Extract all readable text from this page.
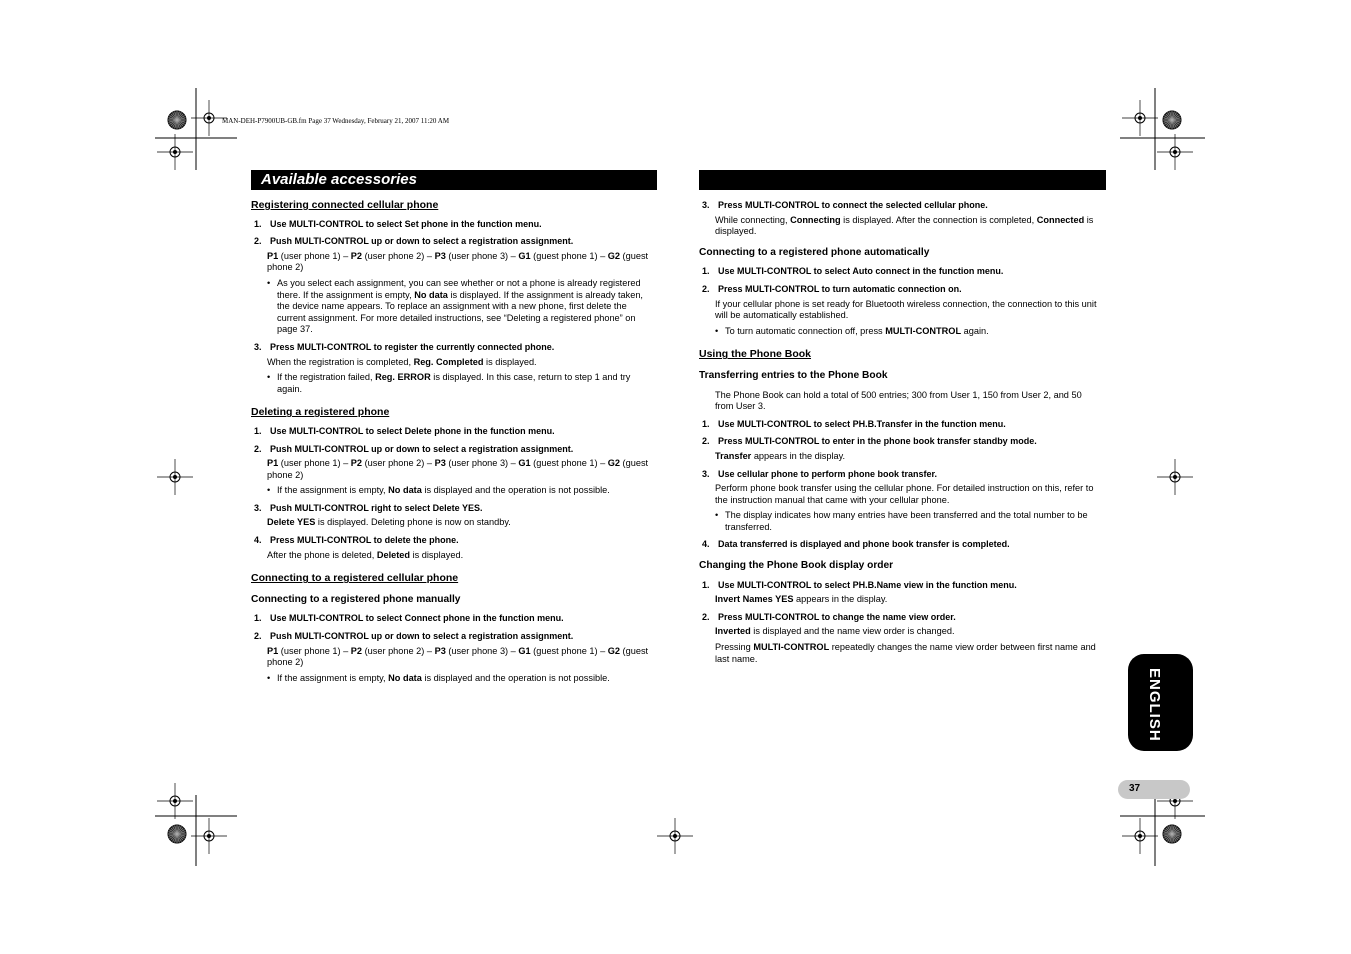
MAN-DEH-P7900UB-GB.fm Page 37 Wednesday, February 21, 2007 11:20 AM
Available accessories
Registering connected cellular phone
1. Use MULTI-CONTROL to select Set phone in the function menu.
2. Push MULTI-CONTROL up or down to select a registration assignment.
P1 (user phone 1) – P2 (user phone 2) – P3 (user phone 3) – G1 (guest phone 1) – G2 (guest phone 2)
• As you select each assignment, you can see whether or not a phone is already registered there. If the assignment is empty, No data is displayed. If the assignment is already taken, the device name appears. To replace an assignment with a new phone, first delete the current assignment. For more detailed instructions, see “Deleting a registered phone” on page 37.
3. Press MULTI-CONTROL to register the currently connected phone.
When the registration is completed, Reg. Completed is displayed.
• If the registration failed, Reg. ERROR is displayed. In this case, return to step 1 and try again.
Deleting a registered phone
1. Use MULTI-CONTROL to select Delete phone in the function menu.
2. Push MULTI-CONTROL up or down to select a registration assignment.
P1 (user phone 1) – P2 (user phone 2) – P3 (user phone 3) – G1 (guest phone 1) – G2 (guest phone 2)
• If the assignment is empty, No data is displayed and the operation is not possible.
3. Push MULTI-CONTROL right to select Delete YES.
Delete YES is displayed. Deleting phone is now on standby.
4. Press MULTI-CONTROL to delete the phone.
After the phone is deleted, Deleted is displayed.
Connecting to a registered cellular phone
Connecting to a registered phone manually
1. Use MULTI-CONTROL to select Connect phone in the function menu.
2. Push MULTI-CONTROL up or down to select a registration assignment.
P1 (user phone 1) – P2 (user phone 2) – P3 (user phone 3) – G1 (guest phone 1) – G2 (guest phone 2)
• If the assignment is empty, No data is displayed and the operation is not possible.
3. Press MULTI-CONTROL to connect the selected cellular phone.
While connecting, Connecting is displayed. After the connection is completed, Connected is displayed.
Connecting to a registered phone automatically
1. Use MULTI-CONTROL to select Auto connect in the function menu.
2. Press MULTI-CONTROL to turn automatic connection on.
If your cellular phone is set ready for Bluetooth wireless connection, the connection to this unit will be automatically established.
• To turn automatic connection off, press MULTI-CONTROL again.
Using the Phone Book
Transferring entries to the Phone Book
The Phone Book can hold a total of 500 entries; 300 from User 1, 150 from User 2, and 50 from User 3.
1. Use MULTI-CONTROL to select PH.B.Transfer in the function menu.
2. Press MULTI-CONTROL to enter in the phone book transfer standby mode.
Transfer appears in the display.
3. Use cellular phone to perform phone book transfer.
Perform phone book transfer using the cellular phone. For detailed instruction on this, refer to the instruction manual that came with your cellular phone.
• The display indicates how many entries have been transferred and the total number to be transferred.
4. Data transferred is displayed and phone book transfer is completed.
Changing the Phone Book display order
1. Use MULTI-CONTROL to select PH.B.Name view in the function menu.
Invert Names YES appears in the display.
2. Press MULTI-CONTROL to change the name view order.
Inverted is displayed and the name view order is changed.
Pressing MULTI-CONTROL repeatedly changes the name view order between first name and last name.
ENGLISH
37
